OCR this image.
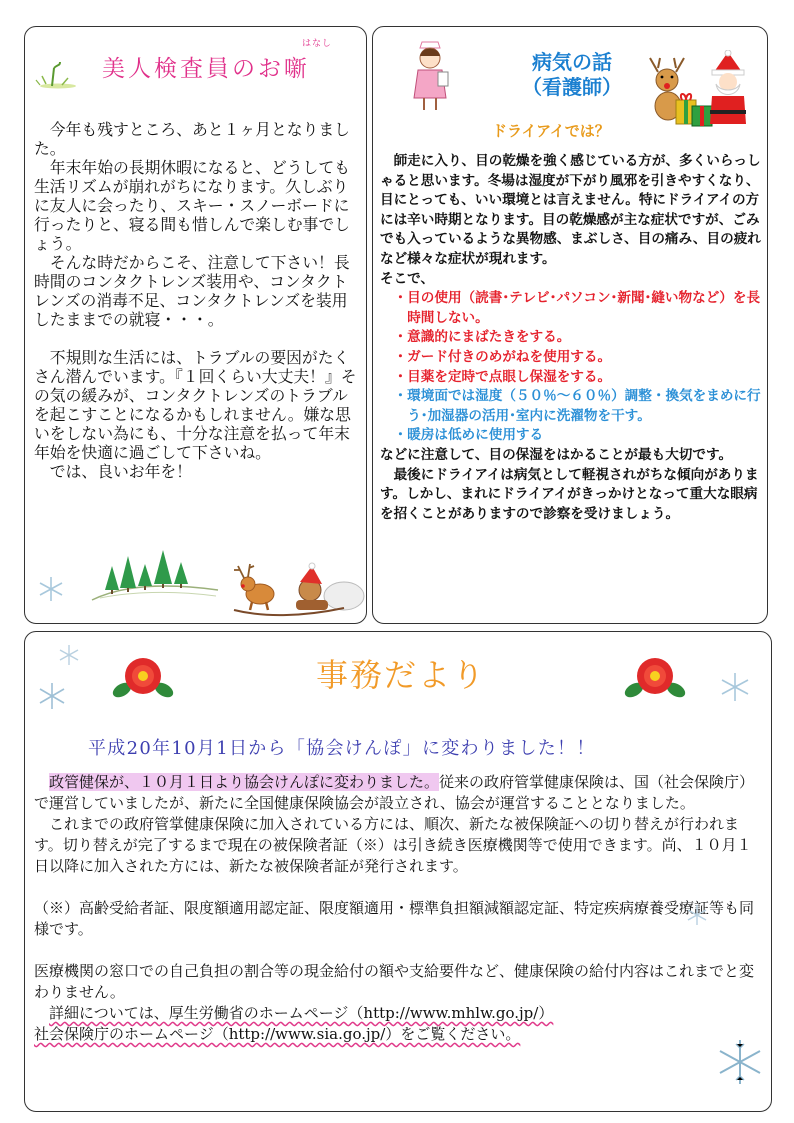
はなし
美人検査員のお噺

今年も残すところ、あと１ヶ月となりました。

年末年始の長期休暇になると、どうしても生活リズムが崩れがちになります。久しぶりに友人に会ったり、スキー・スノーボードに行ったりと、寝る間も惜しんで楽しむ事でしょう。

そんな時だからこそ、注意して下さい！長時間のコンタクトレンズ装用や、コンタクトレンズの消毒不足、コンタクトレンズを装用したままでの就寝・・・。

不規則な生活には、トラブルの要因がたくさん潜んでいます。『１回くらい大丈夫！』その気の緩みが、コンタクトレンズのトラブルを起こすことになるかもしれません。嫌な思いをしない為にも、十分な注意を払って年末年始を快適に過ごして下さいね。

では、良いお年を！

病気の話
（看護師）
ドライアイでは？

師走に入り、目の乾燥を強く感じている方が、多くいらっしゃると思います。冬場は湿度が下がり風邪を引きやすくなり、目にとっても、いい環境とは言えません。特にドライアイの方には辛い時期となります。目の乾燥感が主な症状ですが、ごみでも入っているような異物感、まぶしさ、目の痛み、目の疲れなど様々な症状が現れます。

そこで、

・目の使用（読書･テレビ･パソコン･新聞･縫い物など）を長時間しない。
・意識的にまばたきをする。
・ガード付きのめがねを使用する。
・目薬を定時で点眼し保湿をする。
・環境面では湿度（５０％～６０％）調整・換気をまめに行う･加湿器の活用･室内に洗濯物を干す。
・暖房は低めに使用する

などに注意して、目の保湿をはかることが最も大切です。

最後にドライアイは病気として軽視されがちな傾向があります。しかし、まれにドライアイがきっかけとなって重大な眼病を招くことがありますので診察を受けましょう。

事務だより
平成20年10月1日から「協会けんぽ」に変わりました！！

政管健保が、１０月１日より協会けんぽに変わりました。従来の政府管掌健康保険は、国（社会保険庁）で運営していましたが、新たに全国健康保険協会が設立され、協会が運営することとなりました。

これまでの政府管掌健康保険に加入されている方には、順次、新たな被保険証への切り替えが行われます。切り替えが完了するまで現在の被保険者証（※）は引き続き医療機関等で使用できます。尚、１０月１日以降に加入された方には、新たな被保険者証が発行されます。

（※）高齢受給者証、限度額適用認定証、限度額適用・標準負担額減額認定証、特定疾病療養受療証等も同様です。

医療機関の窓口での自己負担の割合等の現金給付の額や支給要件など、健康保険の給付内容はこれまでと変わりません。

詳細については、厚生労働省のホームページ（http://www.mhlw.go.jp/）

社会保険庁のホームページ（http://www.sia.go.jp/）をご覧ください。
